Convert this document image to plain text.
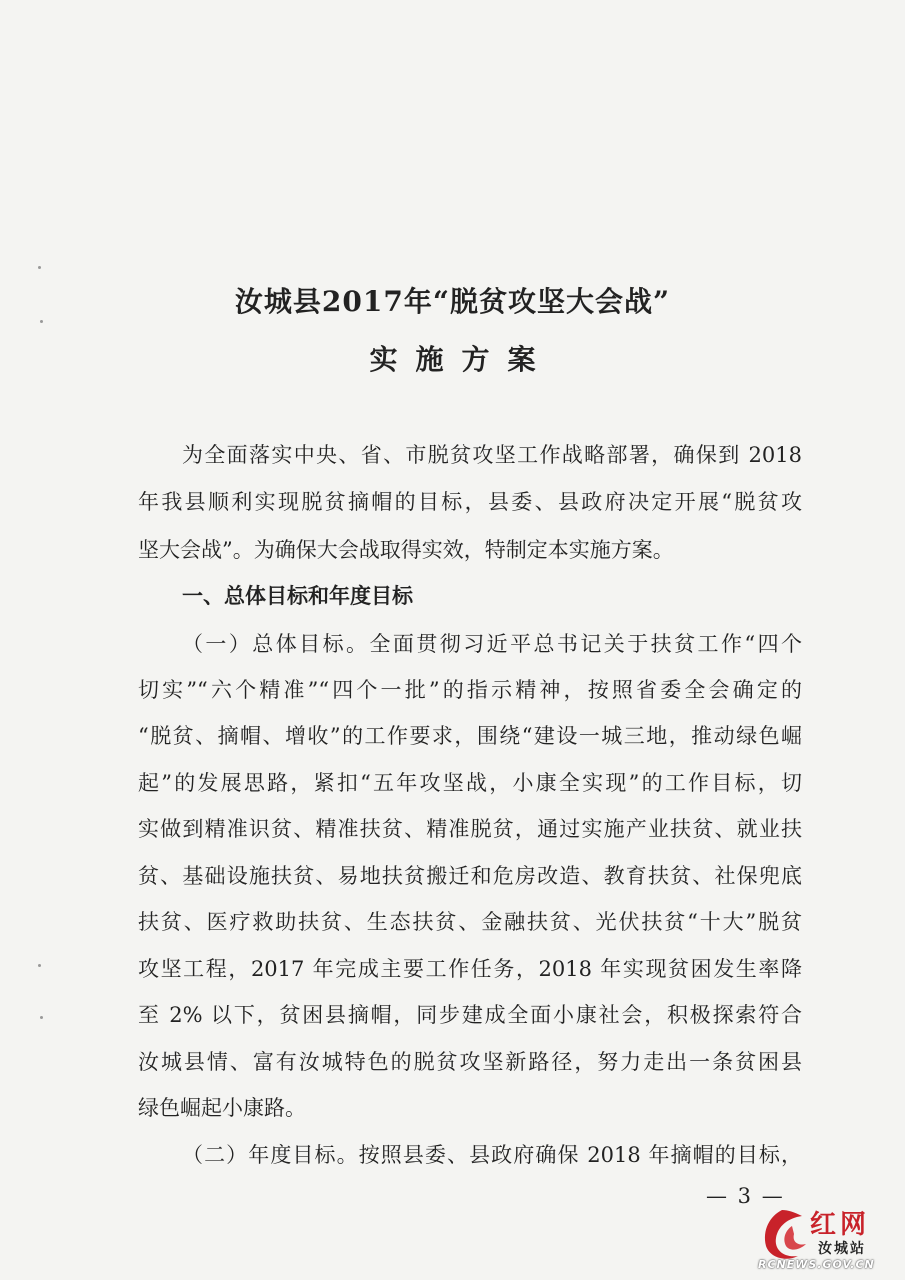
汝城县2017年“脱贫攻坚大会战”
实施方案
为全面落实中央、省、市脱贫攻坚工作战略部署，确保到 2018
年我县顺利实现脱贫摘帽的目标，县委、县政府决定开展“脱贫攻
坚大会战”。为确保大会战取得实效，特制定本实施方案。
一、总体目标和年度目标
（一）总体目标。全面贯彻习近平总书记关于扶贫工作“四个
切实”“六个精准”“四个一批”的指示精神，按照省委全会确定的
“脱贫、摘帽、增收”的工作要求，围绕“建设一城三地，推动绿色崛
起”的发展思路，紧扣“五年攻坚战，小康全实现”的工作目标，切
实做到精准识贫、精准扶贫、精准脱贫，通过实施产业扶贫、就业扶
贫、基础设施扶贫、易地扶贫搬迁和危房改造、教育扶贫、社保兜底
扶贫、医疗救助扶贫、生态扶贫、金融扶贫、光伏扶贫“十大”脱贫
攻坚工程，2017 年完成主要工作任务，2018 年实现贫困发生率降
至 2% 以下，贫困县摘帽，同步建成全面小康社会，积极探索符合
汝城县情、富有汝城特色的脱贫攻坚新路径，努力走出一条贫困县
绿色崛起小康路。
（二）年度目标。按照县委、县政府确保 2018 年摘帽的目标，
— 3 —
红网
汝城站
RCNEWS.GOV.CN
